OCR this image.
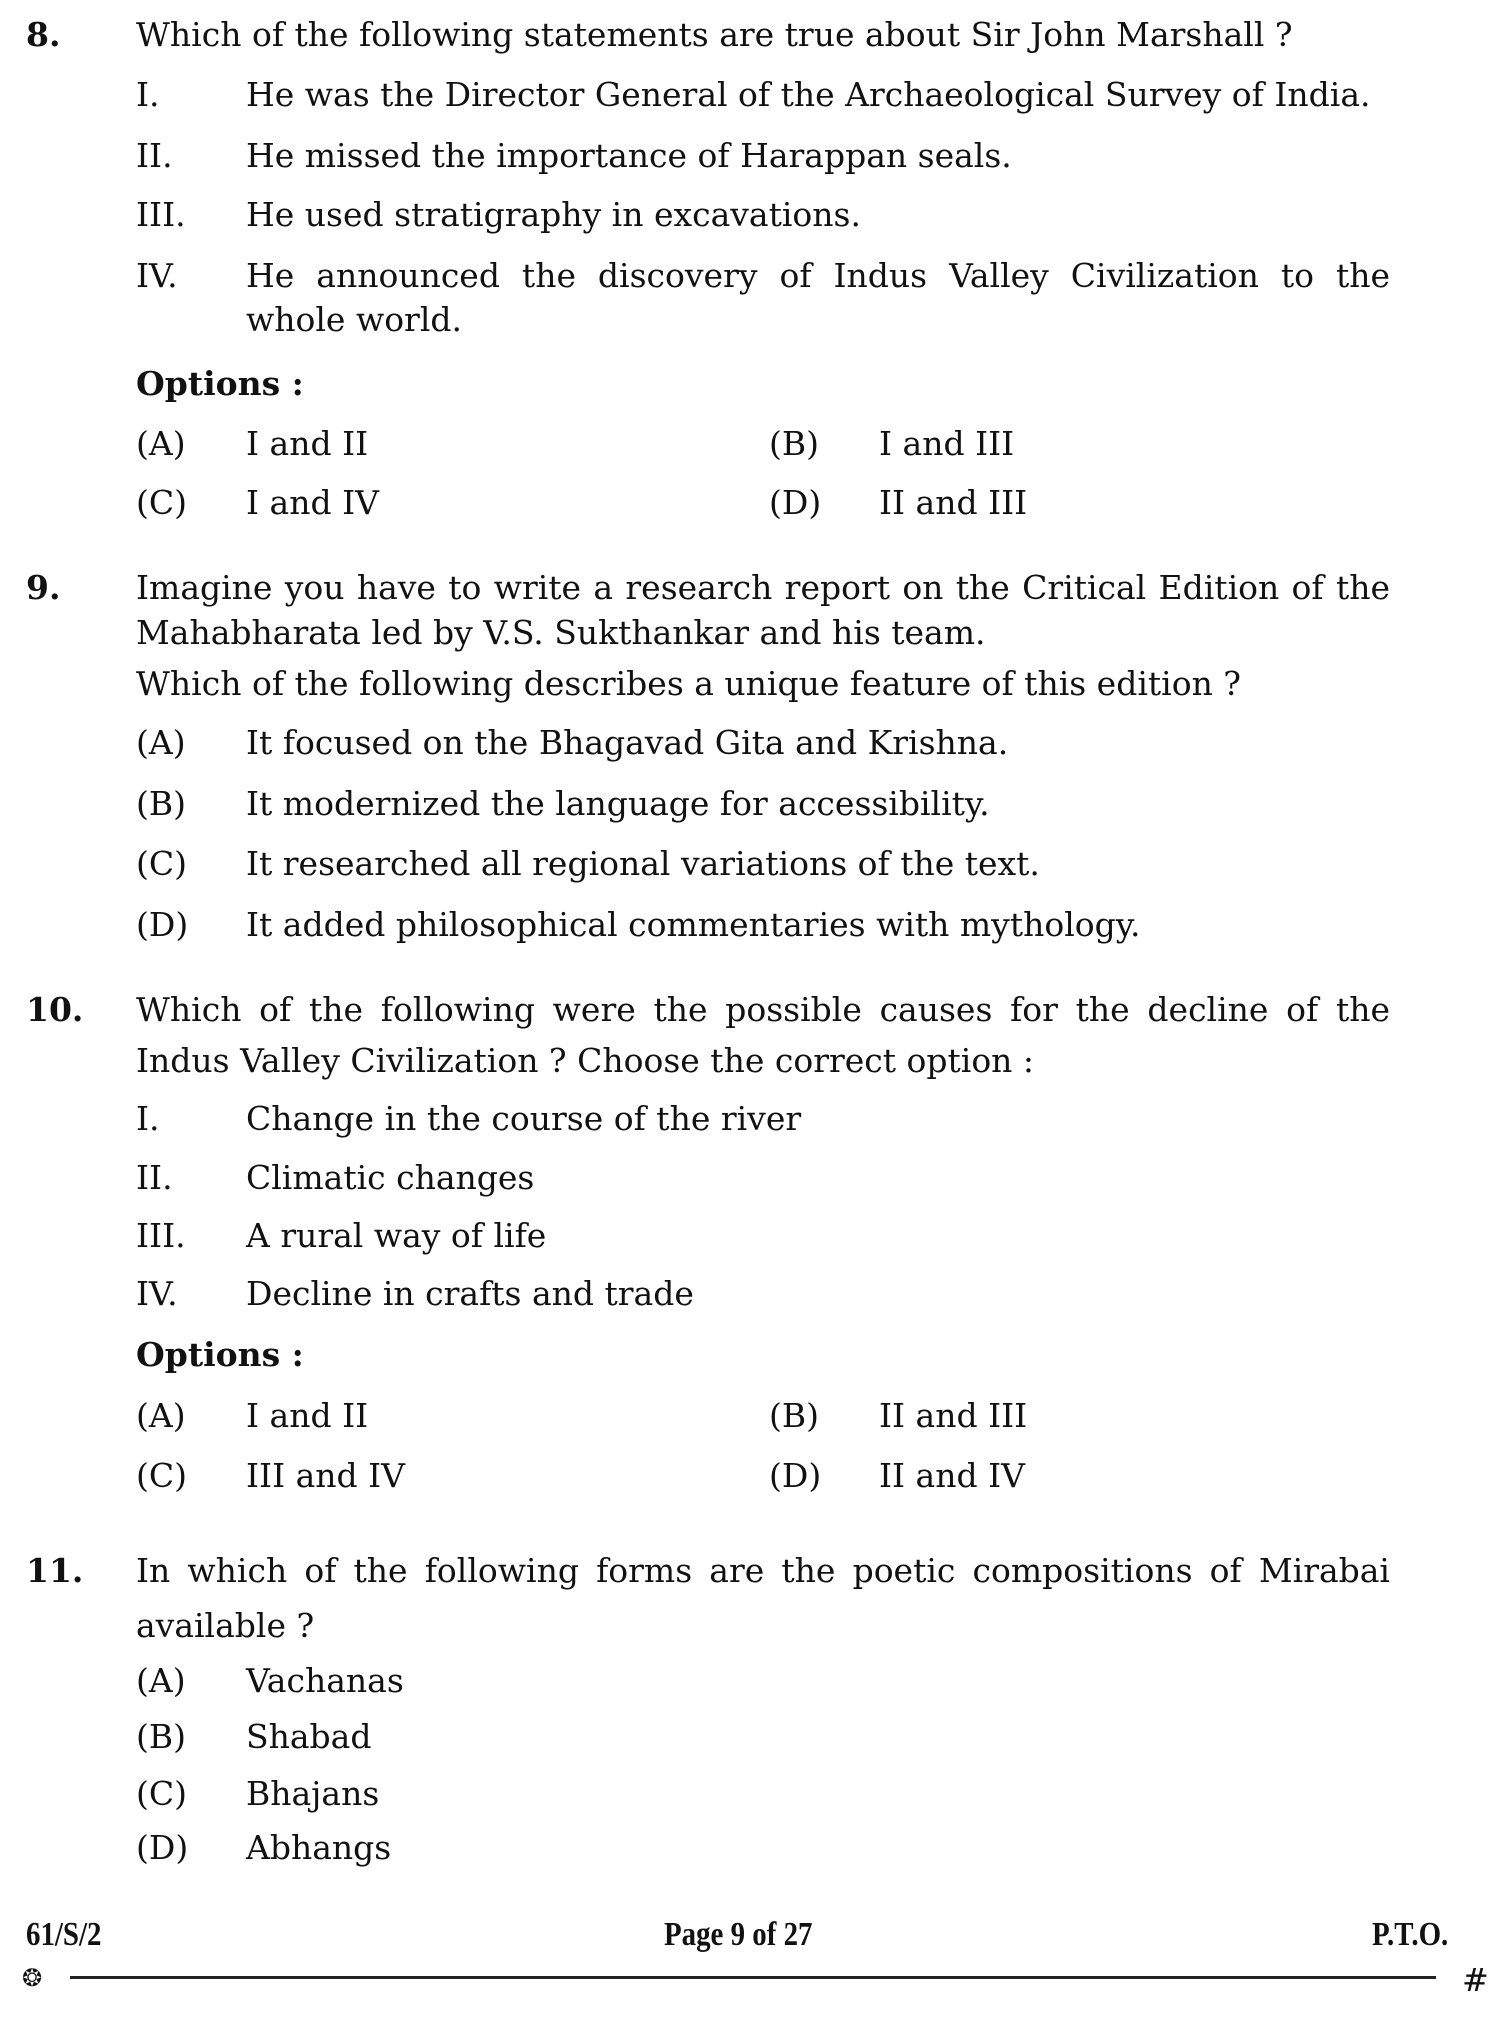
8. Which of the following statements are true about Sir John Marshall ?
I.	He was the Director General of the Archaeological Survey of India.
II. He missed the importance of Harappan seals.
III. He used stratigraphy in excavations.
IV. He announced the discovery of Indus Valley Civilization to the
whole world.
Options :
(A) I and II	(B) I and III
(C) I and IV	(D) II and III
9. Imagine you have to write a research report on the Critical Edition of the
Mahabharata led by V.S. Sukthankar and his team.
Which of the following describes a unique feature of this edition ?
(A) It focused on the Bhagavad Gita and Krishna.
(B) It modernized the language for accessibility.
(C) It researched all regional variations of the text.
(D) It added philosophical commentaries with mythology.
10. Which of the following were the possible causes for the decline of the
Indus Valley Civilization ? Choose the correct option :
I.	Change in the course of the river
II. Climatic changes
III. A rural way of life
IV. Decline in crafts and trade
Options :
(A) I and II	(B) II and III
(C) III and IV	(D) II and IV
11. In which of the following forms are the poetic compositions of Mirabai
available ?
(A) Vachanas
(B) Shabad
(C) Bhajans
(D) Abhangs
61/S/2	Page 9 of 27	P.T.O.
❂	#
